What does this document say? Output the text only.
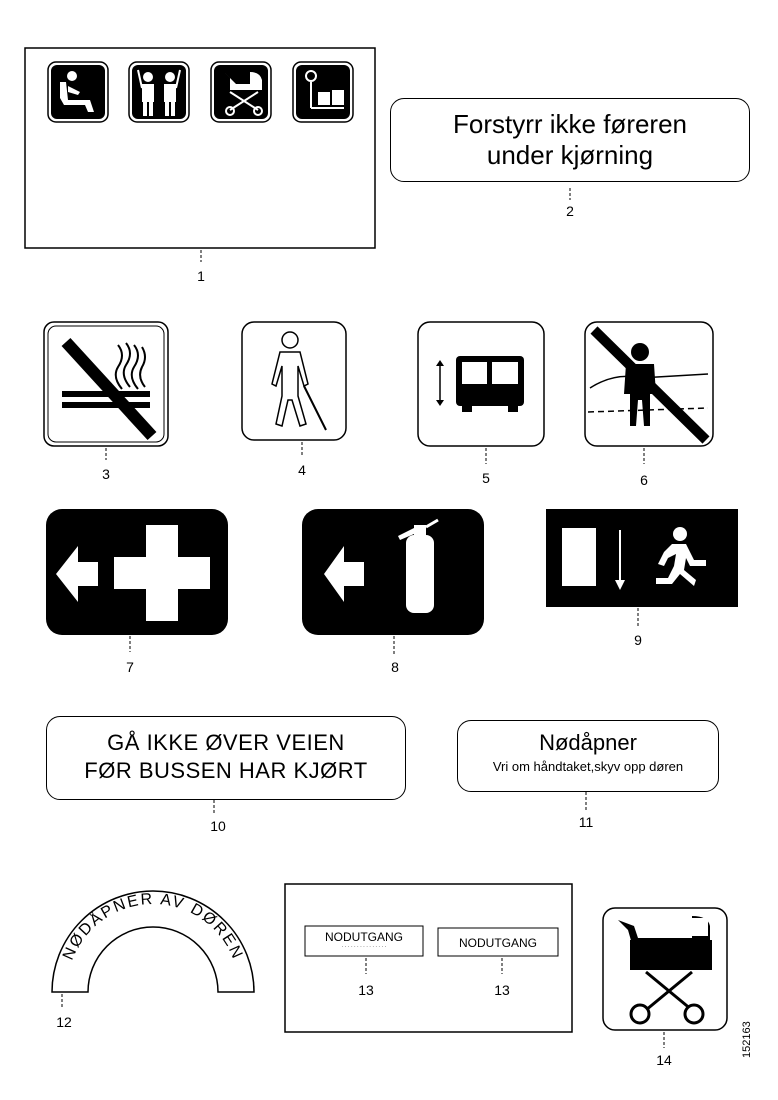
NØDÅPNER AV DØREN
Forstyrr ikke føreren
under kjørning
GÅ IKKE ØVER VEIEN
FØR BUSSEN HAR KJØRT
Nødåpner
Vri om håndtaket,skyv opp døren
NODUTGANG
· · · · · · · · · · · · · · ·	NODUTGANG
1
2
3	4	5	6
7	8
9
10	11
12
13	13
14
152163
